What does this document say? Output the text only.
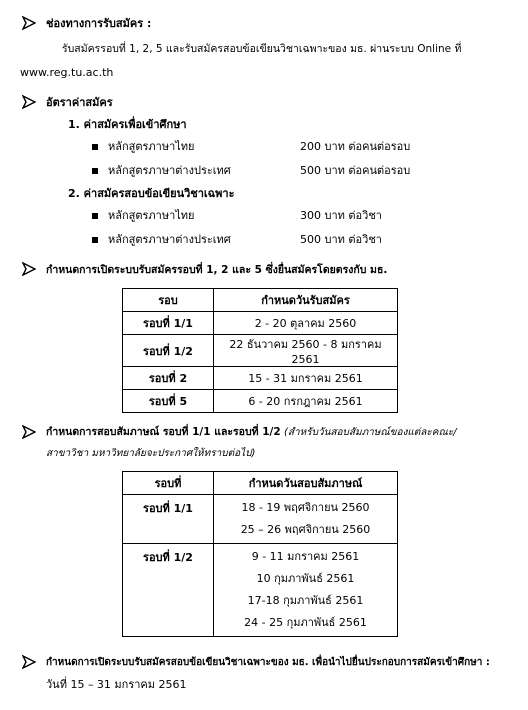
ช่องทางการรับสมัคร :
รับสมัครรอบที่ 1, 2, 5 และรับสมัครสอบข้อเขียนวิชาเฉพาะของ มธ. ผ่านระบบ Online ที่
www.reg.tu.ac.th
อัตราค่าสมัคร
1. ค่าสมัครเพื่อเข้าศึกษา
หลักสูตรภาษาไทย	200 บาท ต่อคนต่อรอบ
หลักสูตรภาษาต่างประเทศ	500 บาท ต่อคนต่อรอบ
2. ค่าสมัครสอบข้อเขียนวิชาเฉพาะ
หลักสูตรภาษาไทย	300 บาท ต่อวิชา
หลักสูตรภาษาต่างประเทศ	500 บาท ต่อวิชา
กำหนดการเปิดระบบรับสมัครรอบที่ 1, 2 และ 5 ซึ่งยื่นสมัครโดยตรงกับ มธ.
รอบ	กำหนดวันรับสมัคร
รอบที่ 1/1	2 - 20 ตุลาคม 2560
รอบที่ 1/2	22 ธันวาคม 2560 - 8 มกราคม 2561
รอบที่ 2	15 - 31 มกราคม 2561
รอบที่ 5	6 - 20 กรกฎาคม 2561
กำหนดการสอบสัมภาษณ์ รอบที่ 1/1 และรอบที่ 1/2 (สำหรับวันสอบสัมภาษณ์ของแต่ละคณะ/
สาขาวิชา มหาวิทยาลัยจะประกาศให้ทราบต่อไป)
รอบที่	กำหนดวันสอบสัมภาษณ์
รอบที่ 1/1	18 - 19 พฤศจิกายน 2560
25 – 26 พฤศจิกายน 2560

รอบที่ 1/2	9 - 11 มกราคม 2561
10 กุมภาพันธ์ 2561
17-18 กุมภาพันธ์ 2561
24 - 25 กุมภาพันธ์ 2561
กำหนดการเปิดระบบรับสมัครสอบข้อเขียนวิชาเฉพาะของ มธ. เพื่อนำไปยื่นประกอบการสมัครเข้าศึกษา :
วันที่ 15 – 31 มกราคม 2561
